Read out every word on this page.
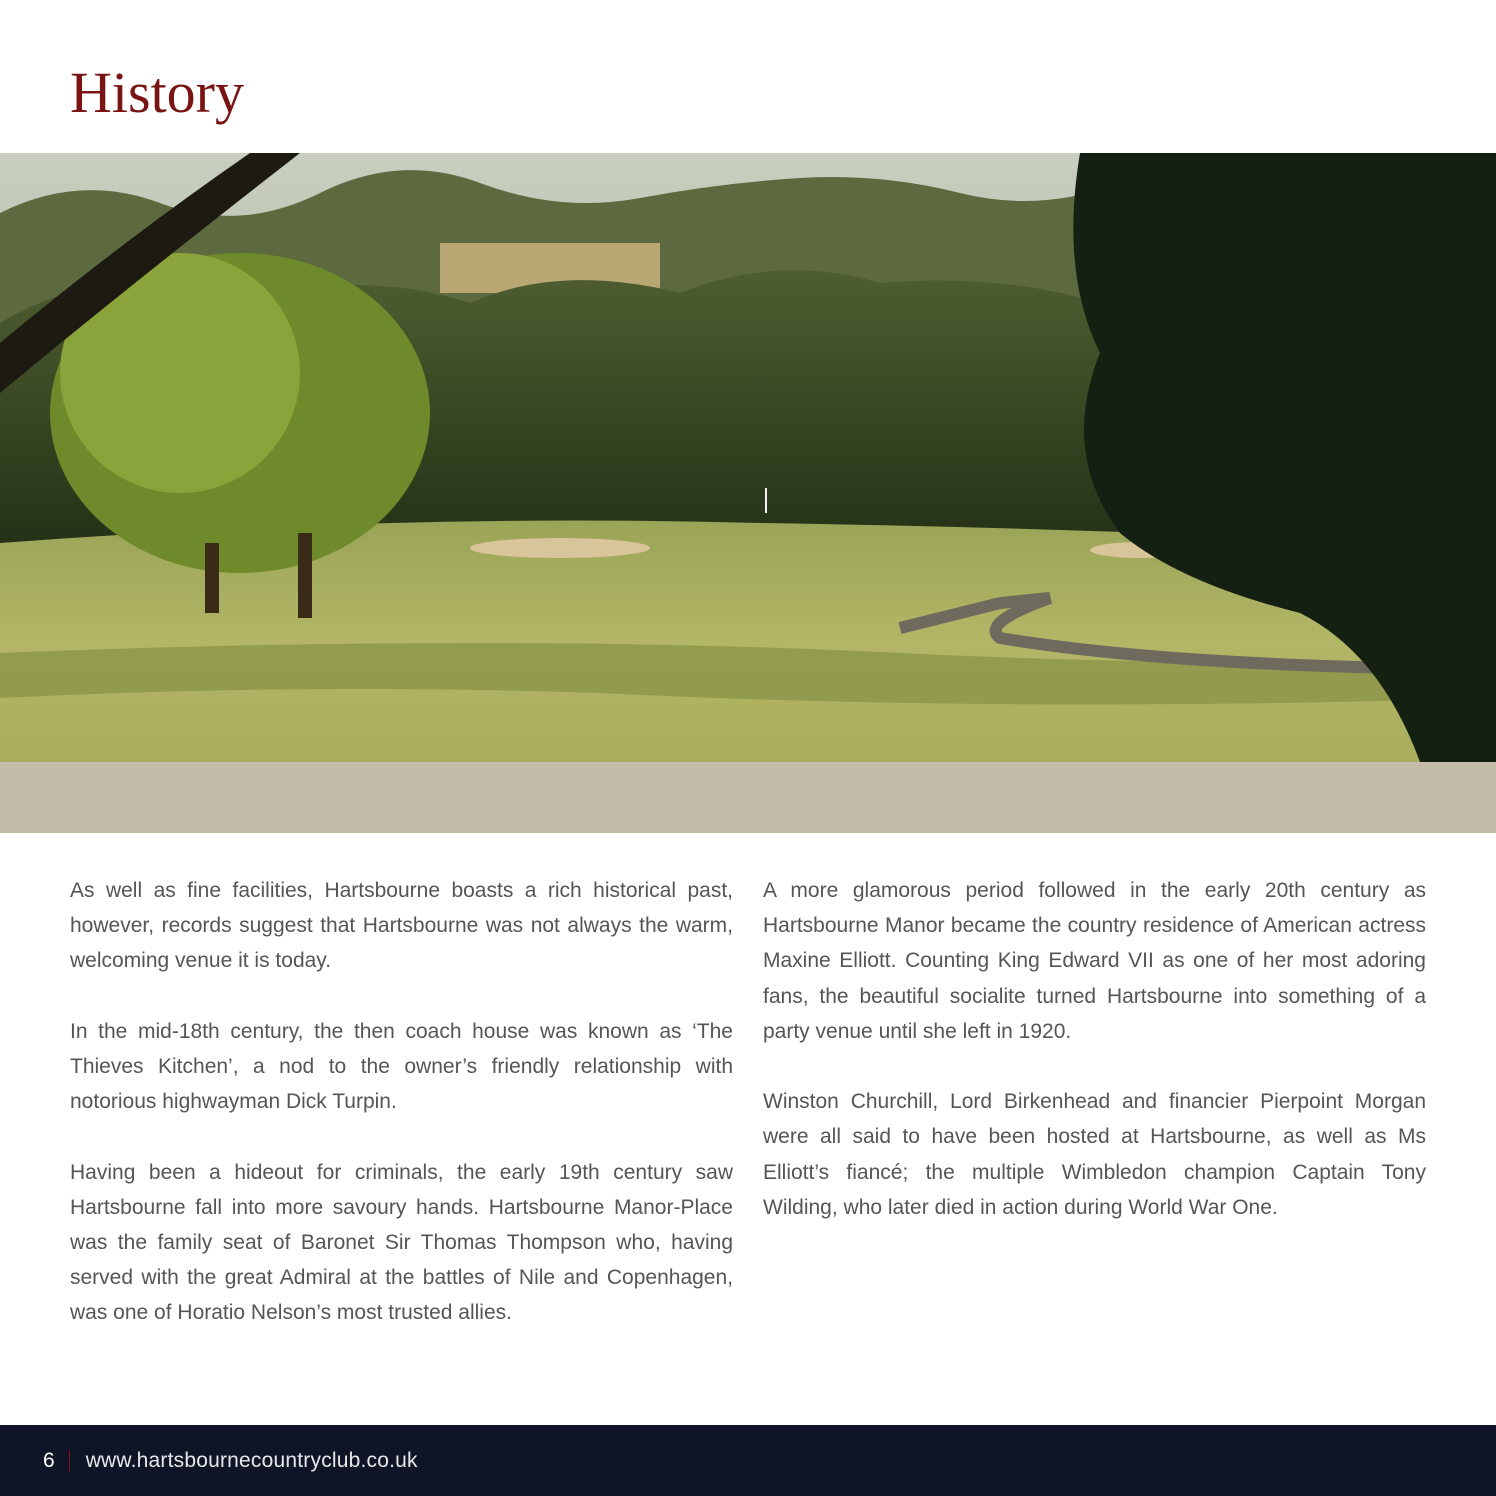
History

As well as fine facilities, Hartsbourne boasts a rich historical past, however, records suggest that Hartsbourne was not always the warm, welcoming venue it is today.

In the mid-18th century, the then coach house was known as ‘The Thieves Kitchen’, a nod to the owner’s friendly relationship with notorious highwayman Dick Turpin.

Having been a hideout for criminals, the early 19th century saw Hartsbourne fall into more savoury hands. Hartsbourne Manor-Place was the family seat of Baronet Sir Thomas Thompson who, having served with the great Admiral at the battles of Nile and Copenhagen, was one of Horatio Nelson’s most trusted allies.

A more glamorous period followed in the early 20th century as Hartsbourne Manor became the country residence of American actress Maxine Elliott. Counting King Edward VII as one of her most adoring fans, the beautiful socialite turned Hartsbourne into something of a party venue until she left in 1920.

Winston Churchill, Lord Birkenhead and financier Pierpoint Morgan were all said to have been hosted at Hartsbourne, as well as Ms Elliott’s fiancé; the multiple Wimbledon champion Captain Tony Wilding, who later died in action during World War One.

6 www.hartsbournecountryclub.co.uk
